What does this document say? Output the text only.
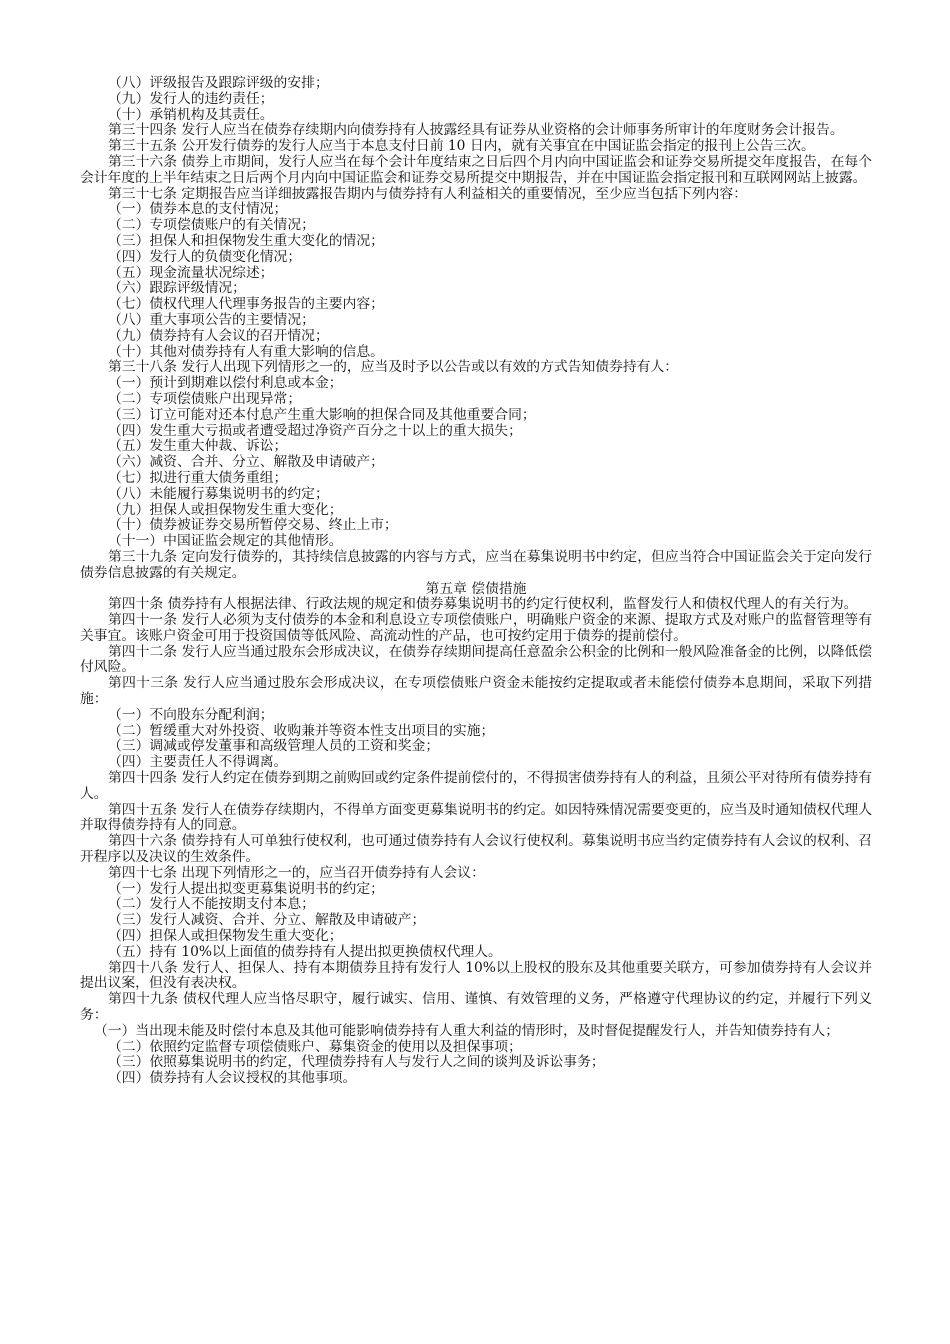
（八）评级报告及跟踪评级的安排；

（九）发行人的违约责任；

（十）承销机构及其责任。

第三十四条 发行人应当在债券存续期内向债券持有人披露经具有证券从业资格的会计师事务所审计的年度财务会计报告。

第三十五条 公开发行债券的发行人应当于本息支付日前 10 日内，就有关事宜在中国证监会指定的报刊上公告三次。

第三十六条 债券上市期间，发行人应当在每个会计年度结束之日后四个月内向中国证监会和证券交易所提交年度报告，在每个会计年度的上半年结束之日后两个月内向中国证监会和证券交易所提交中期报告，并在中国证监会指定报刊和互联网网站上披露。

第三十七条 定期报告应当详细披露报告期内与债券持有人利益相关的重要情况，至少应当包括下列内容：

（一）债券本息的支付情况；

（二）专项偿债账户的有关情况；

（三）担保人和担保物发生重大变化的情况；

（四）发行人的负债变化情况；

（五）现金流量状况综述；

（六）跟踪评级情况；

（七）债权代理人代理事务报告的主要内容；

（八）重大事项公告的主要情况；

（九）债券持有人会议的召开情况；

（十）其他对债券持有人有重大影响的信息。

第三十八条 发行人出现下列情形之一的，应当及时予以公告或以有效的方式告知债券持有人：

（一）预计到期难以偿付利息或本金；

（二）专项偿债账户出现异常；

（三）订立可能对还本付息产生重大影响的担保合同及其他重要合同；

（四）发生重大亏损或者遭受超过净资产百分之十以上的重大损失；

（五）发生重大仲裁、诉讼；

（六）减资、合并、分立、解散及申请破产；

（七）拟进行重大债务重组；

（八）未能履行募集说明书的约定；

（九）担保人或担保物发生重大变化；

（十）债券被证券交易所暂停交易、终止上市；

（十一）中国证监会规定的其他情形。

第三十九条 定向发行债券的，其持续信息披露的内容与方式，应当在募集说明书中约定，但应当符合中国证监会关于定向发行债券信息披露的有关规定。

第五章 偿债措施

第四十条 债券持有人根据法律、行政法规的规定和债券募集说明书的约定行使权利，监督发行人和债权代理人的有关行为。

第四十一条 发行人必须为支付债券的本金和利息设立专项偿债账户，明确账户资金的来源、提取方式及对账户的监督管理等有关事宜。该账户资金可用于投资国债等低风险、高流动性的产品，也可按约定用于债券的提前偿付。

第四十二条 发行人应当通过股东会形成决议，在债券存续期间提高任意盈余公积金的比例和一般风险准备金的比例，以降低偿付风险。

第四十三条 发行人应当通过股东会形成决议，在专项偿债账户资金未能按约定提取或者未能偿付债券本息期间，采取下列措施：

（一）不向股东分配利润；

（二）暂缓重大对外投资、收购兼并等资本性支出项目的实施；

（三）调减或停发董事和高级管理人员的工资和奖金；

（四）主要责任人不得调离。

第四十四条 发行人约定在债券到期之前购回或约定条件提前偿付的，不得损害债券持有人的利益，且须公平对待所有债券持有人。

第四十五条 发行人在债券存续期内，不得单方面变更募集说明书的约定。如因特殊情况需要变更的，应当及时通知债权代理人并取得债券持有人的同意。

第四十六条 债券持有人可单独行使权利，也可通过债券持有人会议行使权利。募集说明书应当约定债券持有人会议的权利、召开程序以及决议的生效条件。

第四十七条 出现下列情形之一的，应当召开债券持有人会议：

（一）发行人提出拟变更募集说明书的约定；

（二）发行人不能按期支付本息；

（三）发行人减资、合并、分立、解散及申请破产；

（四）担保人或担保物发生重大变化；

（五）持有 10%以上面值的债券持有人提出拟更换债权代理人。

第四十八条 发行人、担保人、持有本期债券且持有发行人 10%以上股权的股东及其他重要关联方，可参加债券持有人会议并提出议案，但没有表决权。

第四十九条 债权代理人应当恪尽职守，履行诚实、信用、谨慎、有效管理的义务，严格遵守代理协议的约定，并履行下列义务：

（一）当出现未能及时偿付本息及其他可能影响债券持有人重大利益的情形时，及时督促提醒发行人，并告知债券持有人；

（二）依照约定监督专项偿债账户、募集资金的使用以及担保事项；

（三）依照募集说明书的约定，代理债券持有人与发行人之间的谈判及诉讼事务；

（四）债券持有人会议授权的其他事项。
